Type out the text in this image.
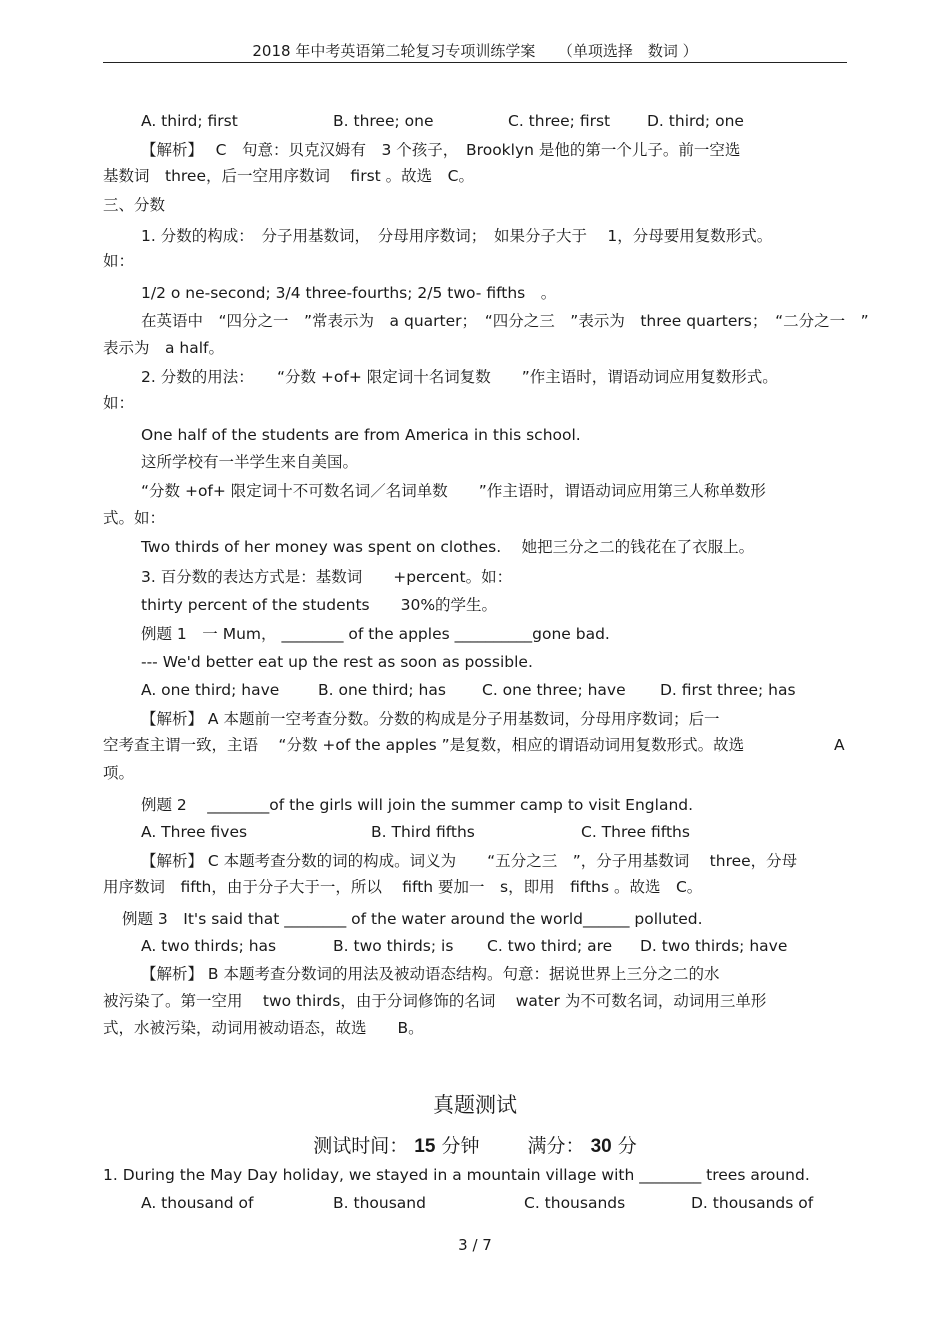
2018 年中考英语第二轮复习专项训练学案　　（单项选择　数词 ）
A. third; first	B. three; one	C. three; first D. third; one
【解析】　 C　句意：贝克汉姆有　3 个孩子，　Brooklyn 是他的第一个儿子。前一空选
基数词　three，后一空用序数词　 first 。故选　C。
三、分数
1. 分数的构成：　分子用基数词，　分母用序数词；　如果分子大于　 1，分母要用复数形式。
如：
1/2 o ne-second; 3/4 three-fourths; 2/5 two- fifths　。
在英语中　“四分之一　”常表示为　a quarter；　“四分之三　”表示为　three quarters；　“二分之一　”
表示为　a half。
2. 分数的用法：　　“分数 +of+ 限定词十名词复数　　”作主语时，谓语动词应用复数形式。
如：
One half of the students are from America in this school.
这所学校有一半学生来自美国。
“分数 +of+ 限定词十不可数名词／名词单数　　”作主语时，谓语动词应用第三人称单数形
式。如：
Two thirds of her money was spent on clothes.　 她把三分之二的钱花在了衣服上。
3. 百分数的表达方式是：基数词　　+percent。如：
thirty percent of the students　　30%的学生。
例题 1　一 Mum， ________ of the apples __________gone bad.
--- We'd better eat up the rest as soon as possible.
A. one third; have B. one third; has C. one three; have D. first three; has
【解析】 A 本题前一空考查分数。分数的构成是分子用基数词，分母用序数词；后一
空考查主谓一致，主语　 “分数 +of the apples ”是复数，相应的谓语动词用复数形式。故选	A
项。
例题 2　 ________of the girls will join the summer camp to visit England.
A. Three fives	B. Third fifths	C. Three fifths
【解析】 C 本题考查分数的词的构成。词义为　　“五分之三　”，分子用基数词　 three，分母
用序数词　fifth，由于分子大于一，所以　 fifth 要加一　s，即用　fifths 。故选　C。
例题 3　It's said that ________ of the water around the world______ polluted.
A. two thirds; has	B. two thirds; is C. two third; are D. two thirds; have
【解析】 B 本题考查分数词的用法及被动语态结构。句意：据说世界上三分之二的水
被污染了。第一空用　 two thirds，由于分词修饰的名词　 water 为不可数名词，动词用三单形
式，水被污染，动词用被动语态，故选　　B。
真题测试
测试时间： 15 分钟	满分： 30 分
1. During the May Day holiday, we stayed in a mountain village with ________ trees around.
A. thousand of	B. thousand	C. thousands	D. thousands of
3 / 7
